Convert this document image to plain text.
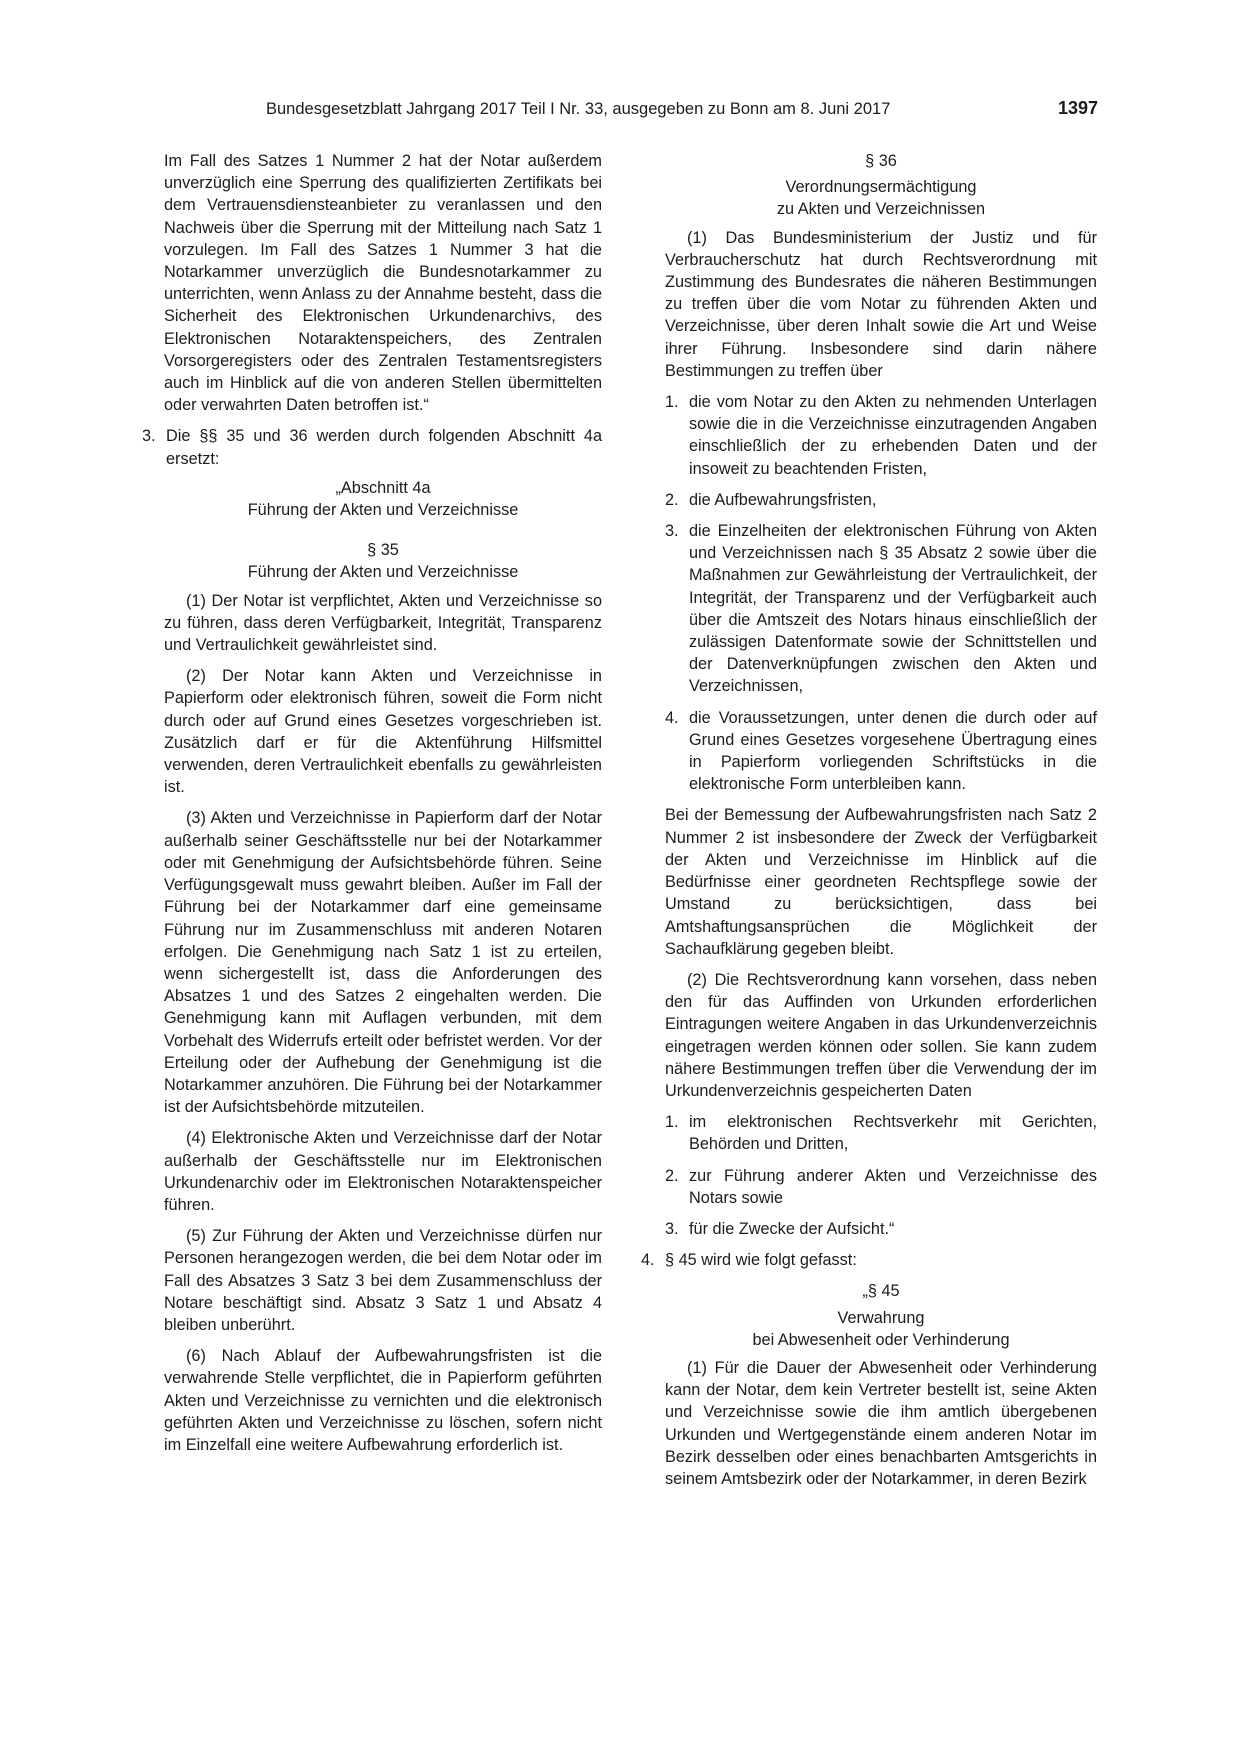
Bundesgesetzblatt Jahrgang 2017 Teil I Nr. 33, ausgegeben zu Bonn am 8. Juni 2017	1397

Im Fall des Satzes 1 Nummer 2 hat der Notar außerdem unverzüglich eine Sperrung des qualifizierten Zertifikats bei dem Vertrauensdiensteanbieter zu veranlassen und den Nachweis über die Sperrung mit der Mitteilung nach Satz 1 vorzulegen. Im Fall des Satzes 1 Nummer 3 hat die Notarkammer unverzüglich die Bundesnotarkammer zu unterrichten, wenn Anlass zu der Annahme besteht, dass die Sicherheit des Elektronischen Urkundenarchivs, des Elektronischen Notaraktenspeichers, des Zentralen Vorsorgeregisters oder des Zentralen Testamentsregisters auch im Hinblick auf die von anderen Stellen übermittelten oder verwahrten Daten betroffen ist.“

3. Die §§ 35 und 36 werden durch folgenden Abschnitt 4a ersetzt:

„Abschnitt 4a

Führung der Akten und Verzeichnisse

§ 35

Führung der Akten und Verzeichnisse

(1) Der Notar ist verpflichtet, Akten und Verzeichnisse so zu führen, dass deren Verfügbarkeit, Integrität, Transparenz und Vertraulichkeit gewährleistet sind.

(2) Der Notar kann Akten und Verzeichnisse in Papierform oder elektronisch führen, soweit die Form nicht durch oder auf Grund eines Gesetzes vorgeschrieben ist. Zusätzlich darf er für die Aktenführung Hilfsmittel verwenden, deren Vertraulichkeit ebenfalls zu gewährleisten ist.

(3) Akten und Verzeichnisse in Papierform darf der Notar außerhalb seiner Geschäftsstelle nur bei der Notarkammer oder mit Genehmigung der Aufsichtsbehörde führen. Seine Verfügungsgewalt muss gewahrt bleiben. Außer im Fall der Führung bei der Notarkammer darf eine gemeinsame Führung nur im Zusammenschluss mit anderen Notaren erfolgen. Die Genehmigung nach Satz 1 ist zu erteilen, wenn sichergestellt ist, dass die Anforderungen des Absatzes 1 und des Satzes 2 eingehalten werden. Die Genehmigung kann mit Auflagen verbunden, mit dem Vorbehalt des Widerrufs erteilt oder befristet werden. Vor der Erteilung oder der Aufhebung der Genehmigung ist die Notarkammer anzuhören. Die Führung bei der Notarkammer ist der Aufsichtsbehörde mitzuteilen.

(4) Elektronische Akten und Verzeichnisse darf der Notar außerhalb der Geschäftsstelle nur im Elektronischen Urkundenarchiv oder im Elektronischen Notaraktenspeicher führen.

(5) Zur Führung der Akten und Verzeichnisse dürfen nur Personen herangezogen werden, die bei dem Notar oder im Fall des Absatzes 3 Satz 3 bei dem Zusammenschluss der Notare beschäftigt sind. Absatz 3 Satz 1 und Absatz 4 bleiben unberührt.

(6) Nach Ablauf der Aufbewahrungsfristen ist die verwahrende Stelle verpflichtet, die in Papierform geführten Akten und Verzeichnisse zu vernichten und die elektronisch geführten Akten und Verzeichnisse zu löschen, sofern nicht im Einzelfall eine weitere Aufbewahrung erforderlich ist.

§ 36

Verordnungsermächtigung

zu Akten und Verzeichnissen

(1) Das Bundesministerium der Justiz und für Verbraucherschutz hat durch Rechtsverordnung mit Zustimmung des Bundesrates die näheren Bestimmungen zu treffen über die vom Notar zu führenden Akten und Verzeichnisse, über deren Inhalt sowie die Art und Weise ihrer Führung. Insbesondere sind darin nähere Bestimmungen zu treffen über

1. die vom Notar zu den Akten zu nehmenden Unterlagen sowie die in die Verzeichnisse einzutragenden Angaben einschließlich der zu erhebenden Daten und der insoweit zu beachtenden Fristen,
2. die Aufbewahrungsfristen,
3. die Einzelheiten der elektronischen Führung von Akten und Verzeichnissen nach § 35 Absatz 2 sowie über die Maßnahmen zur Gewährleistung der Vertraulichkeit, der Integrität, der Transparenz und der Verfügbarkeit auch über die Amtszeit des Notars hinaus einschließlich der zulässigen Datenformate sowie der Schnittstellen und der Datenverknüpfungen zwischen den Akten und Verzeichnissen,
4. die Voraussetzungen, unter denen die durch oder auf Grund eines Gesetzes vorgesehene Übertragung eines in Papierform vorliegenden Schriftstücks in die elektronische Form unterbleiben kann.

Bei der Bemessung der Aufbewahrungsfristen nach Satz 2 Nummer 2 ist insbesondere der Zweck der Verfügbarkeit der Akten und Verzeichnisse im Hinblick auf die Bedürfnisse einer geordneten Rechtspflege sowie der Umstand zu berücksichtigen, dass bei Amtshaftungsansprüchen die Möglichkeit der Sachaufklärung gegeben bleibt.

(2) Die Rechtsverordnung kann vorsehen, dass neben den für das Auffinden von Urkunden erforderlichen Eintragungen weitere Angaben in das Urkundenverzeichnis eingetragen werden können oder sollen. Sie kann zudem nähere Bestimmungen treffen über die Verwendung der im Urkundenverzeichnis gespeicherten Daten

1. im elektronischen Rechtsverkehr mit Gerichten, Behörden und Dritten,
2. zur Führung anderer Akten und Verzeichnisse des Notars sowie
3. für die Zwecke der Aufsicht.“
4. § 45 wird wie folgt gefasst:

„§ 45

Verwahrung

bei Abwesenheit oder Verhinderung

(1) Für die Dauer der Abwesenheit oder Verhinderung kann der Notar, dem kein Vertreter bestellt ist, seine Akten und Verzeichnisse sowie die ihm amtlich übergebenen Urkunden und Wertgegenstände einem anderen Notar im Bezirk desselben oder eines benachbarten Amtsgerichts in seinem Amtsbezirk oder der Notarkammer, in deren Bezirk
